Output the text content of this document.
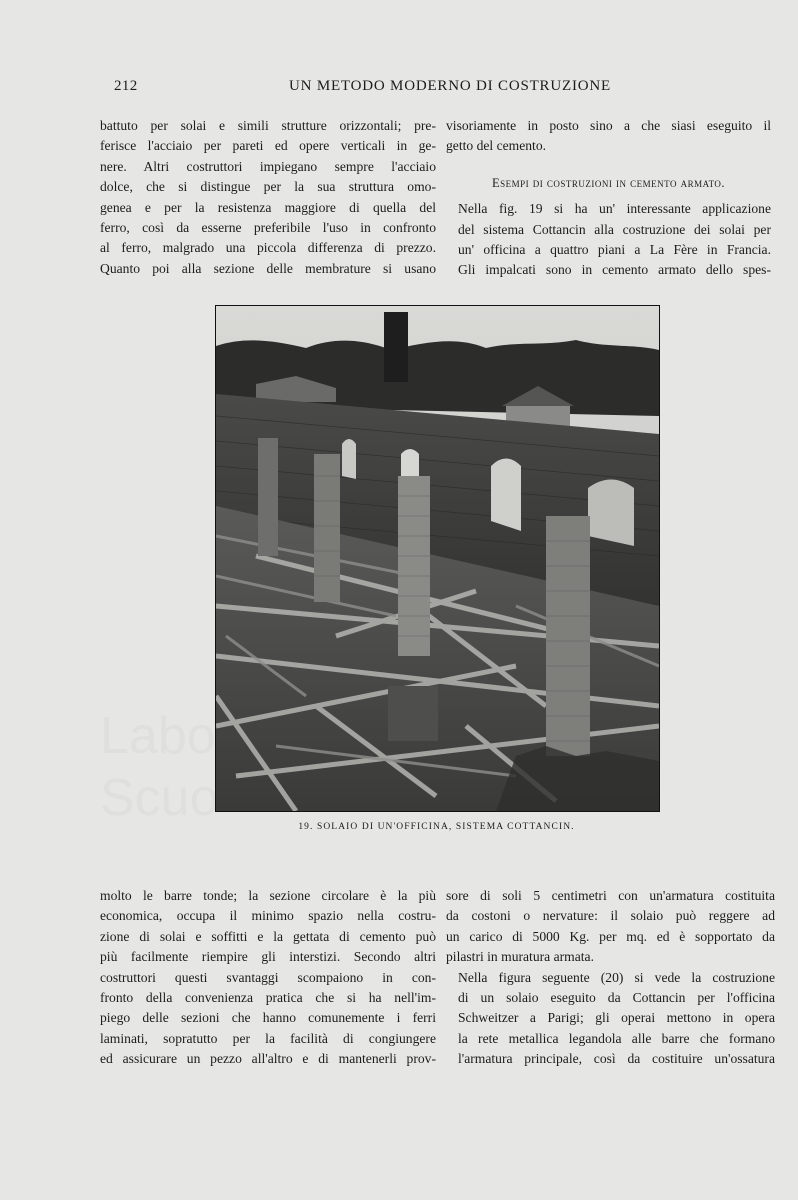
Labo
Scuo
212	UN METODO MODERNO DI COSTRUZIONE

battuto per solai e simili strutture orizzontali; pre-
ferisce l'acciaio per pareti ed opere verticali in ge-
nere. Altri costruttori impiegano sempre l'acciaio
dolce, che si distingue per la sua struttura omo-
genea e per la resistenza maggiore di quella del
ferro, così da esserne preferibile l'uso in confronto
al ferro, malgrado una piccola differenza di prezzo.
Quanto poi alla sezione delle membrature si usano

visoriamente in posto sino a che siasi eseguito il
getto del cemento.

Esempi di costruzioni in cemento armato.

Nella fig. 19 si ha un' interessante applicazione
del sistema Cottancin alla costruzione dei solai per
un' officina a quattro piani a La Fère in Francia.
Gli impalcati sono in cemento armato dello spes-

19. SOLAIO DI UN'OFFICINA, SISTEMA COTTANCIN.

molto le barre tonde; la sezione circolare è la più
economica, occupa il minimo spazio nella costru-
zione di solai e soffitti e la gettata di cemento può
più facilmente riempire gli interstizi. Secondo altri
costruttori questi svantaggi scompaiono in con-
fronto della convenienza pratica che si ha nell'im-
piego delle sezioni che hanno comunemente i ferri
laminati, sopratutto per la facilità di congiungere
ed assicurare un pezzo all'altro e di mantenerli prov-

sore di soli 5 centimetri con un'armatura costituita
da costoni o nervature: il solaio può reggere ad
un carico di 5000 Kg. per mq. ed è sopportato da
pilastri in muratura armata.

Nella figura seguente (20) si vede la costruzione
di un solaio eseguito da Cottancin per l'officina
Schweitzer a Parigi; gli operai mettono in opera
la rete metallica legandola alle barre che formano
l'armatura principale, così da costituire un'ossatura
